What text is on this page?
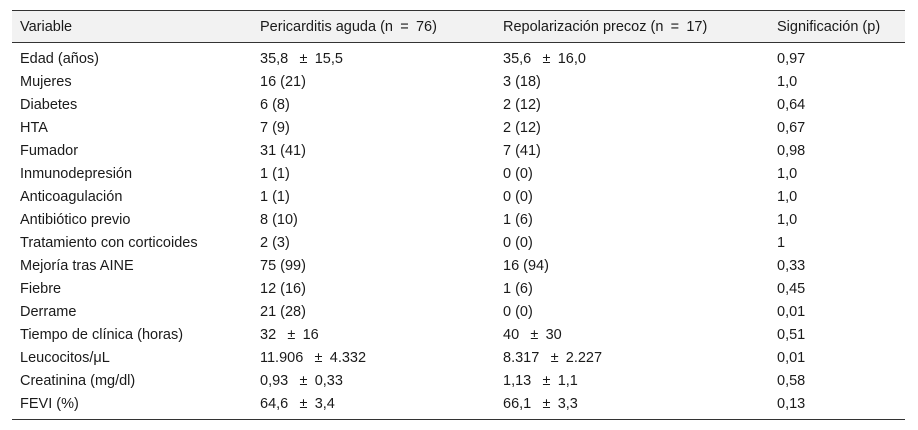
Variable	Pericarditis aguda (n = 76)	Repolarización precoz (n = 17)	Significación (p)
Edad (años)	35,8  ± 15,5	35,6  ± 16,0	0,97
Mujeres	16 (21)	3 (18)	1,0
Diabetes	6 (8)	2 (12)	0,64
HTA	7 (9)	2 (12)	0,67
Fumador	31 (41)	7 (41)	0,98
Inmunodepresión	1 (1)	0 (0)	1,0
Anticoagulación	1 (1)	0 (0)	1,0
Antibiótico previo	8 (10)	1 (6)	1,0
Tratamiento con corticoides	2 (3)	0 (0)	1
Mejoría tras AINE	75 (99)	16 (94)	0,33
Fiebre	12 (16)	1 (6)	0,45
Derrame	21 (28)	0 (0)	0,01
Tiempo de clínica (horas)	32  ± 16	40  ± 30	0,51
Leucocitos/μL	11.906  ± 4.332	8.317  ± 2.227	0,01
Creatinina (mg/dl)	0,93  ± 0,33	1,13  ± 1,1	0,58
FEVI (%)	64,6  ± 3,4	66,1  ± 3,3	0,13
